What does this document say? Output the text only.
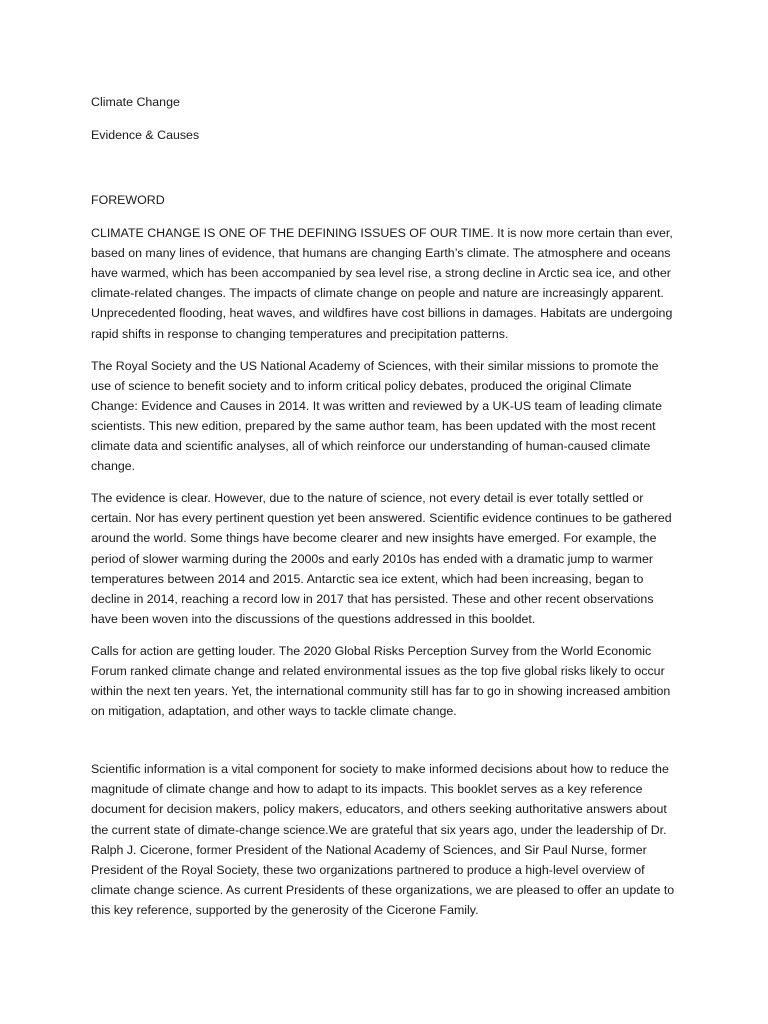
Climate Change
Evidence & Causes
FOREWORD

CLIMATE CHANGE IS ONE OF THE DEFINING ISSUES OF OUR TIME. It is now more certain than ever, based on many lines of evidence, that humans are changing Earth’s climate. The atmosphere and oceans have warmed, which has been accompanied by sea level rise, a strong decline in Arctic sea ice, and other climate-related changes. The impacts of climate change on people and nature are increasingly apparent. Unprecedented flooding, heat waves, and wildfires have cost billions in damages. Habitats are undergoing rapid shifts in response to changing temperatures and precipitation patterns.

The Royal Society and the US National Academy of Sciences, with their similar missions to promote the use of science to benefit society and to inform critical policy debates, produced the original Climate Change: Evidence and Causes in 2014. It was written and reviewed by a UK-US team of leading climate scientists. This new edition, prepared by the same author team, has been updated with the most recent climate data and scientific analyses, all of which reinforce our understanding of human-caused climate change.

The evidence is clear. However, due to the nature of science, not every detail is ever totally settled or certain. Nor has every pertinent question yet been answered. Scientific evidence continues to be gathered around the world. Some things have become clearer and new insights have emerged. For example, the period of slower warming during the 2000s and early 2010s has ended with a dramatic jump to warmer temperatures between 2014 and 2015. Antarctic sea ice extent, which had been increasing, began to decline in 2014, reaching a record low in 2017 that has persisted. These and other recent observations have been woven into the discussions of the questions addressed in this booldet.

Calls for action are getting louder. The 2020 Global Risks Perception Survey from the World Economic Forum ranked climate change and related environmental issues as the top five global risks likely to occur within the next ten years. Yet, the international community still has far to go in showing increased ambition on mitigation, adaptation, and other ways to tackle climate change.

Scientific information is a vital component for society to make informed decisions about how to reduce the magnitude of climate change and how to adapt to its impacts. This booklet serves as a key reference document for decision makers, policy makers, educators, and others seeking authoritative answers about the current state of dimate-change science.We are grateful that six years ago, under the leadership of Dr. Ralph J. Cicerone, former President of the National Academy of Sciences, and Sir Paul Nurse, former President of the Royal Society, these two organizations partnered to produce a high-level overview of climate change science. As current Presidents of these organizations, we are pleased to offer an update to this key reference, supported by the generosity of the Cicerone Family.
